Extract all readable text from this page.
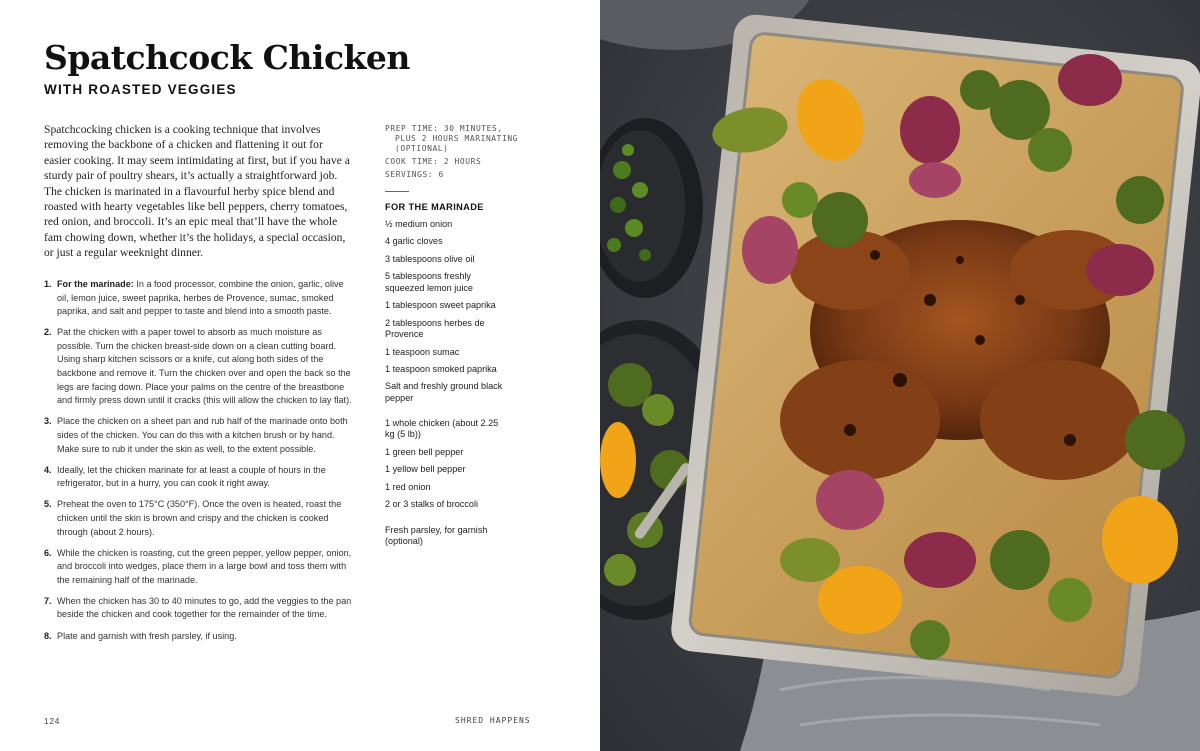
Spatchcock Chicken
WITH ROASTED VEGGIES

Spatchcocking chicken is a cooking technique that involves removing the backbone of a chicken and flattening it out for easier cooking. It may seem intimidating at first, but if you have a sturdy pair of poultry shears, it’s actually a straightforward job. The chicken is marinated in a flavourful herby spice blend and roasted with hearty vegetables like bell peppers, cherry tomatoes, red onion, and broccoli. It’s an epic meal that’ll have the whole fam chowing down, whether it’s the holidays, a special occasion, or just a regular weeknight dinner.

1. For the marinade: In a food processor, combine the onion, garlic, olive oil, lemon juice, sweet paprika, herbes de Provence, sumac, smoked paprika, and salt and pepper to taste and blend into a smooth paste.
2. Pat the chicken with a paper towel to absorb as much moisture as possible. Turn the chicken breast-side down on a clean cutting board. Using sharp kitchen scissors or a knife, cut along both sides of the backbone and remove it. Turn the chicken over and open the back so the legs are facing down. Place your palms on the centre of the breastbone and firmly press down until it cracks (this will allow the chicken to lay flat).
3. Place the chicken on a sheet pan and rub half of the marinade onto both sides of the chicken. You can do this with a kitchen brush or by hand. Make sure to rub it under the skin as well, to the extent possible.
4. Ideally, let the chicken marinate for at least a couple of hours in the refrigerator, but in a hurry, you can cook it right away.
5. Preheat the oven to 175°C (350°F). Once the oven is heated, roast the chicken until the skin is brown and crispy and the chicken is cooked through (about 2 hours).
6. While the chicken is roasting, cut the green pepper, yellow pepper, onion, and broccoli into wedges, place them in a large bowl and toss them with the remaining half of the marinade.
7. When the chicken has 30 to 40 minutes to go, add the veggies to the pan beside the chicken and cook together for the remainder of the time.
8. Plate and garnish with fresh parsley, if using.

PREP TIME: 30 MINUTES,
PLUS 2 HOURS MARINATING
(OPTIONAL)

COOK TIME: 2 HOURS

SERVINGS: 6

FOR THE MARINADE
½ medium onion
4 garlic cloves
3 tablespoons olive oil
5 tablespoons freshly squeezed lemon juice
1 tablespoon sweet paprika
2 tablespoons herbes de Provence
1 teaspoon sumac
1 teaspoon smoked paprika
Salt and freshly ground black pepper
1 whole chicken (about 2.25 kg (5 lb))
1 green bell pepper
1 yellow bell pepper
1 red onion
2 or 3 stalks of broccoli
Fresh parsley, for garnish (optional)

124	SHRED HAPPENS
